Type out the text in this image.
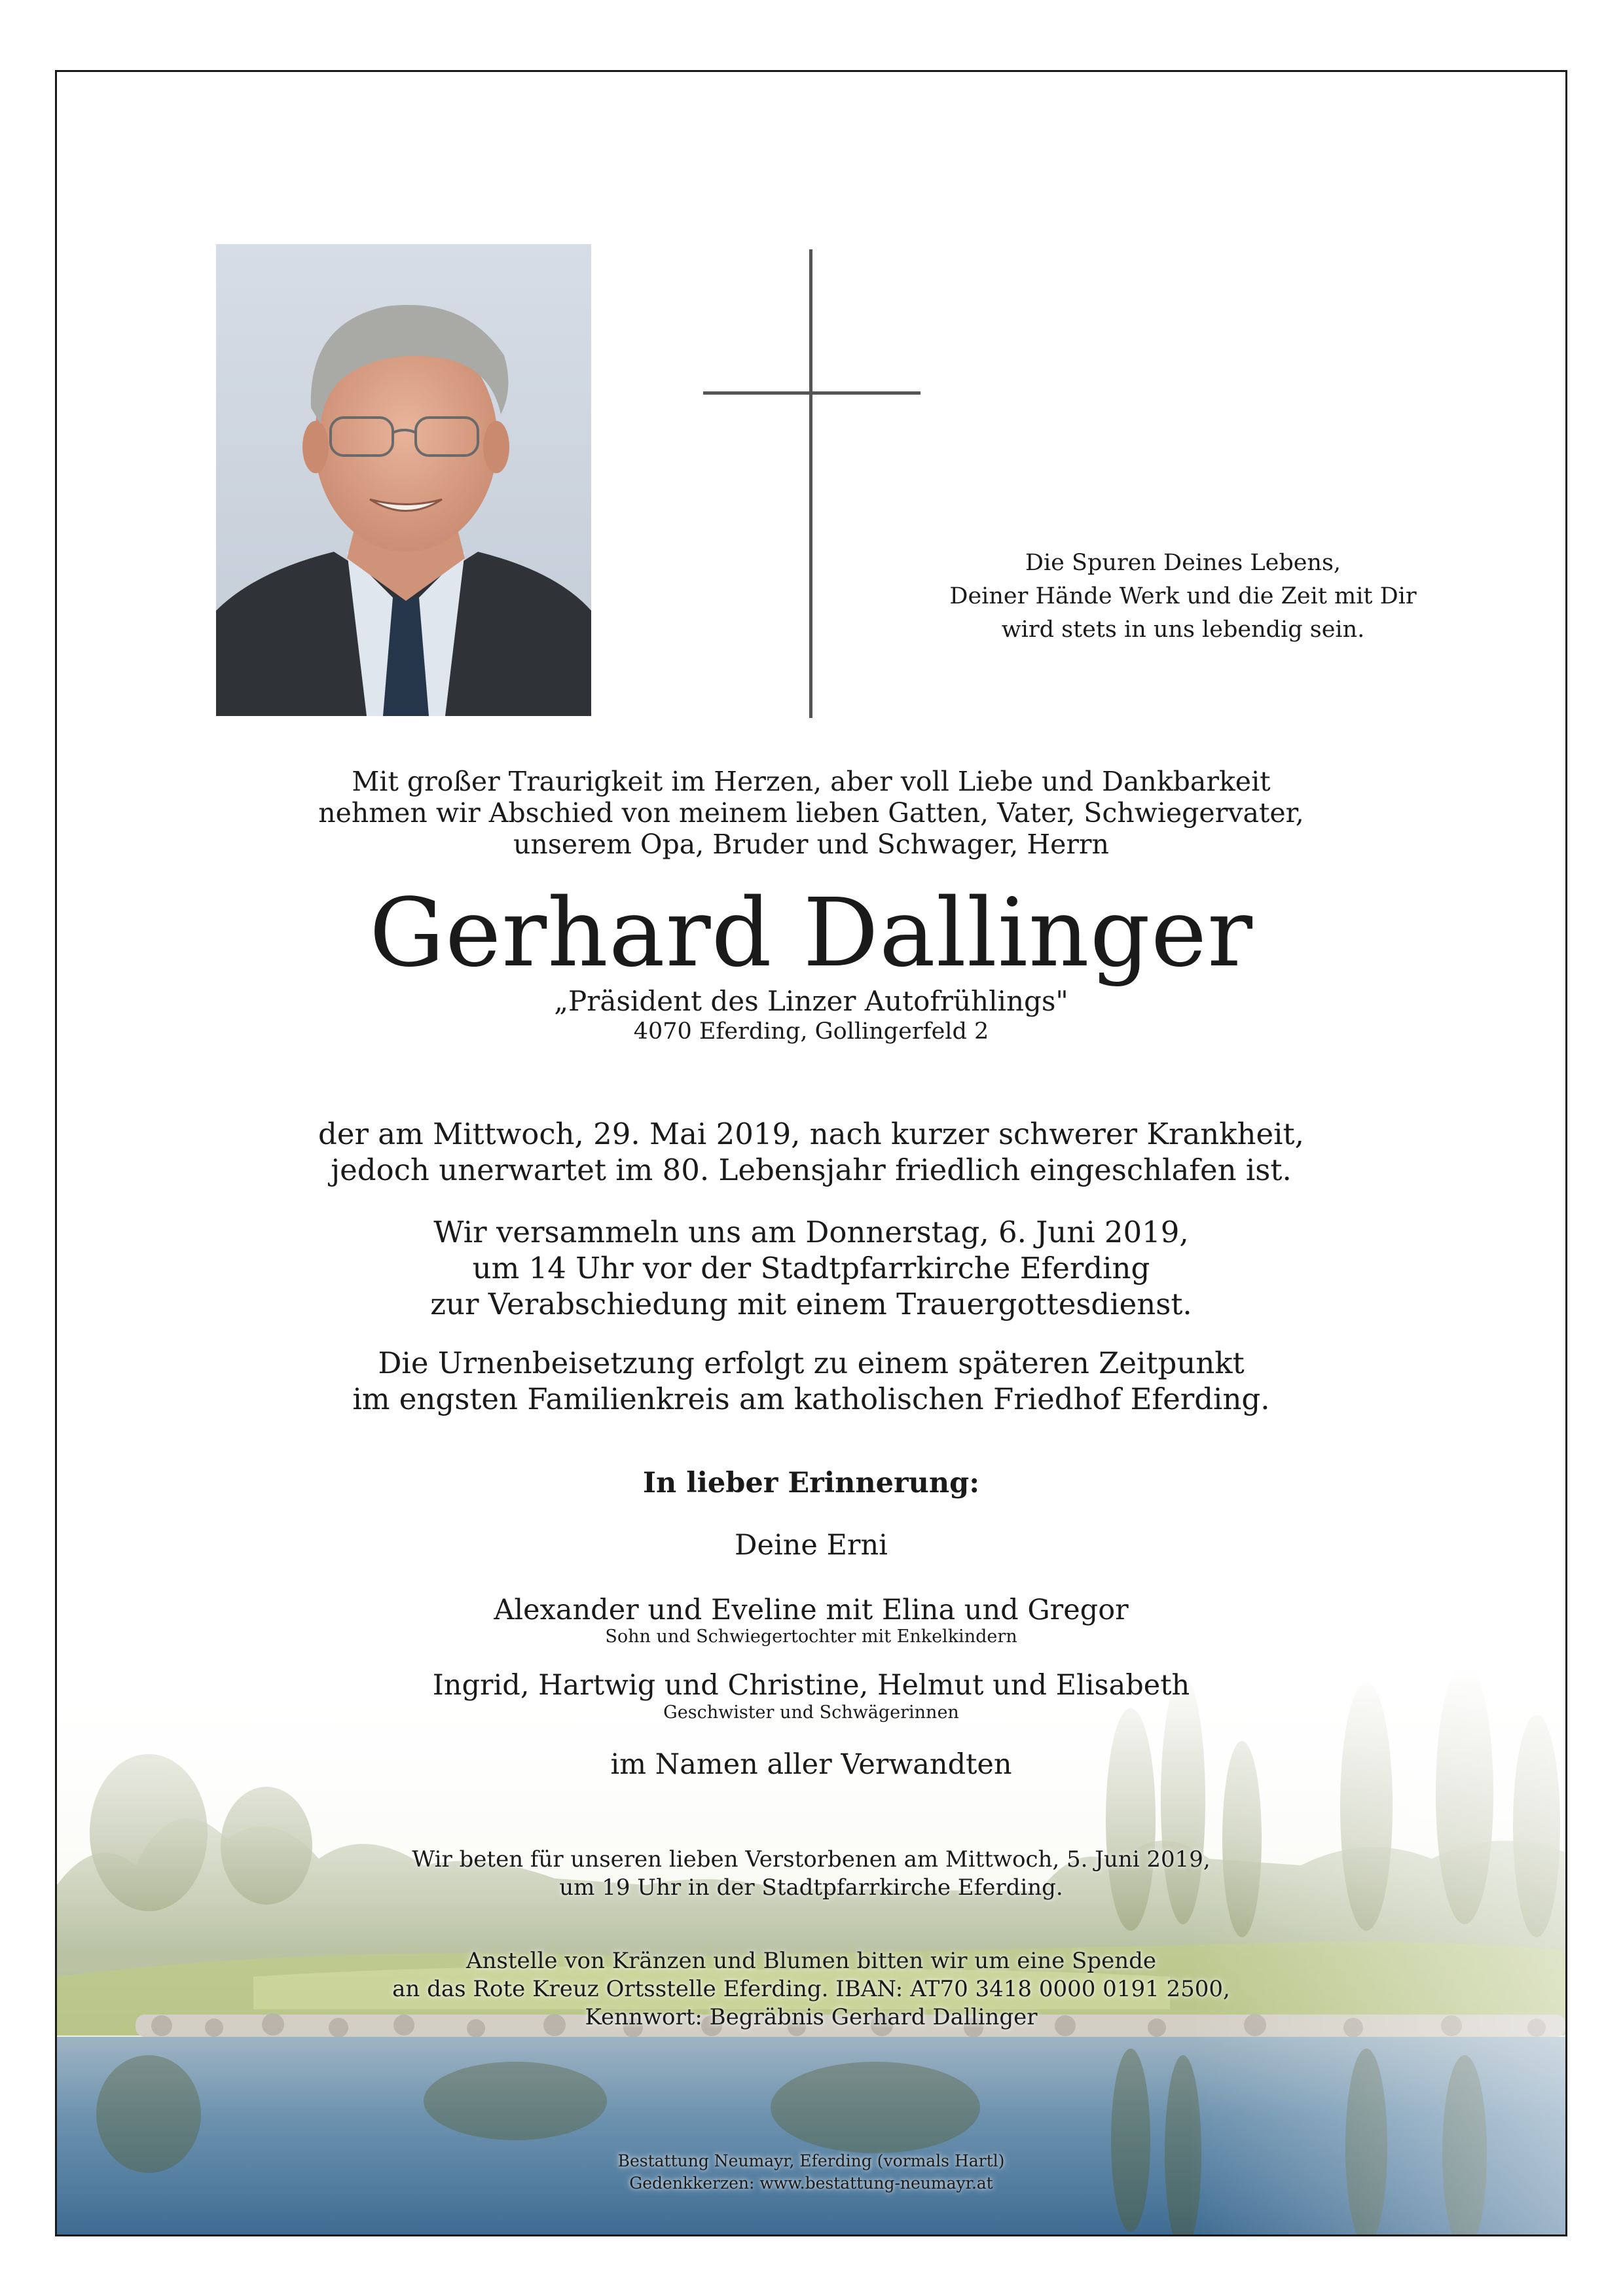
Die Spuren Deines Lebens,
Deiner Hände Werk und die Zeit mit Dir
wird stets in uns lebendig sein.
Mit großer Traurigkeit im Herzen, aber voll Liebe und Dankbarkeit
nehmen wir Abschied von meinem lieben Gatten, Vater, Schwiegervater,
unserem Opa, Bruder und Schwager, Herrn
Gerhard Dallinger
„Präsident des Linzer Autofrühlings"
4070 Eferding, Gollingerfeld 2
der am Mittwoch, 29. Mai 2019, nach kurzer schwerer Krankheit,
jedoch unerwartet im 80. Lebensjahr friedlich eingeschlafen ist.
Wir versammeln uns am Donnerstag, 6. Juni 2019,
um 14 Uhr vor der Stadtpfarrkirche Eferding
zur Verabschiedung mit einem Trauergottesdienst.
Die Urnenbeisetzung erfolgt zu einem späteren Zeitpunkt
im engsten Familienkreis am katholischen Friedhof Eferding.
In lieber Erinnerung:
Deine Erni
Alexander und Eveline mit Elina und Gregor
Sohn und Schwiegertochter mit Enkelkindern
Ingrid, Hartwig und Christine, Helmut und Elisabeth
Geschwister und Schwägerinnen
im Namen aller Verwandten
Wir beten für unseren lieben Verstorbenen am Mittwoch, 5. Juni 2019,
um 19 Uhr in der Stadtpfarrkirche Eferding.
Anstelle von Kränzen und Blumen bitten wir um eine Spende
an das Rote Kreuz Ortsstelle Eferding. IBAN: AT70 3418 0000 0191 2500,
Kennwort: Begräbnis Gerhard Dallinger
Bestattung Neumayr, Eferding (vormals Hartl)
Gedenkkerzen: www.bestattung-neumayr.at
